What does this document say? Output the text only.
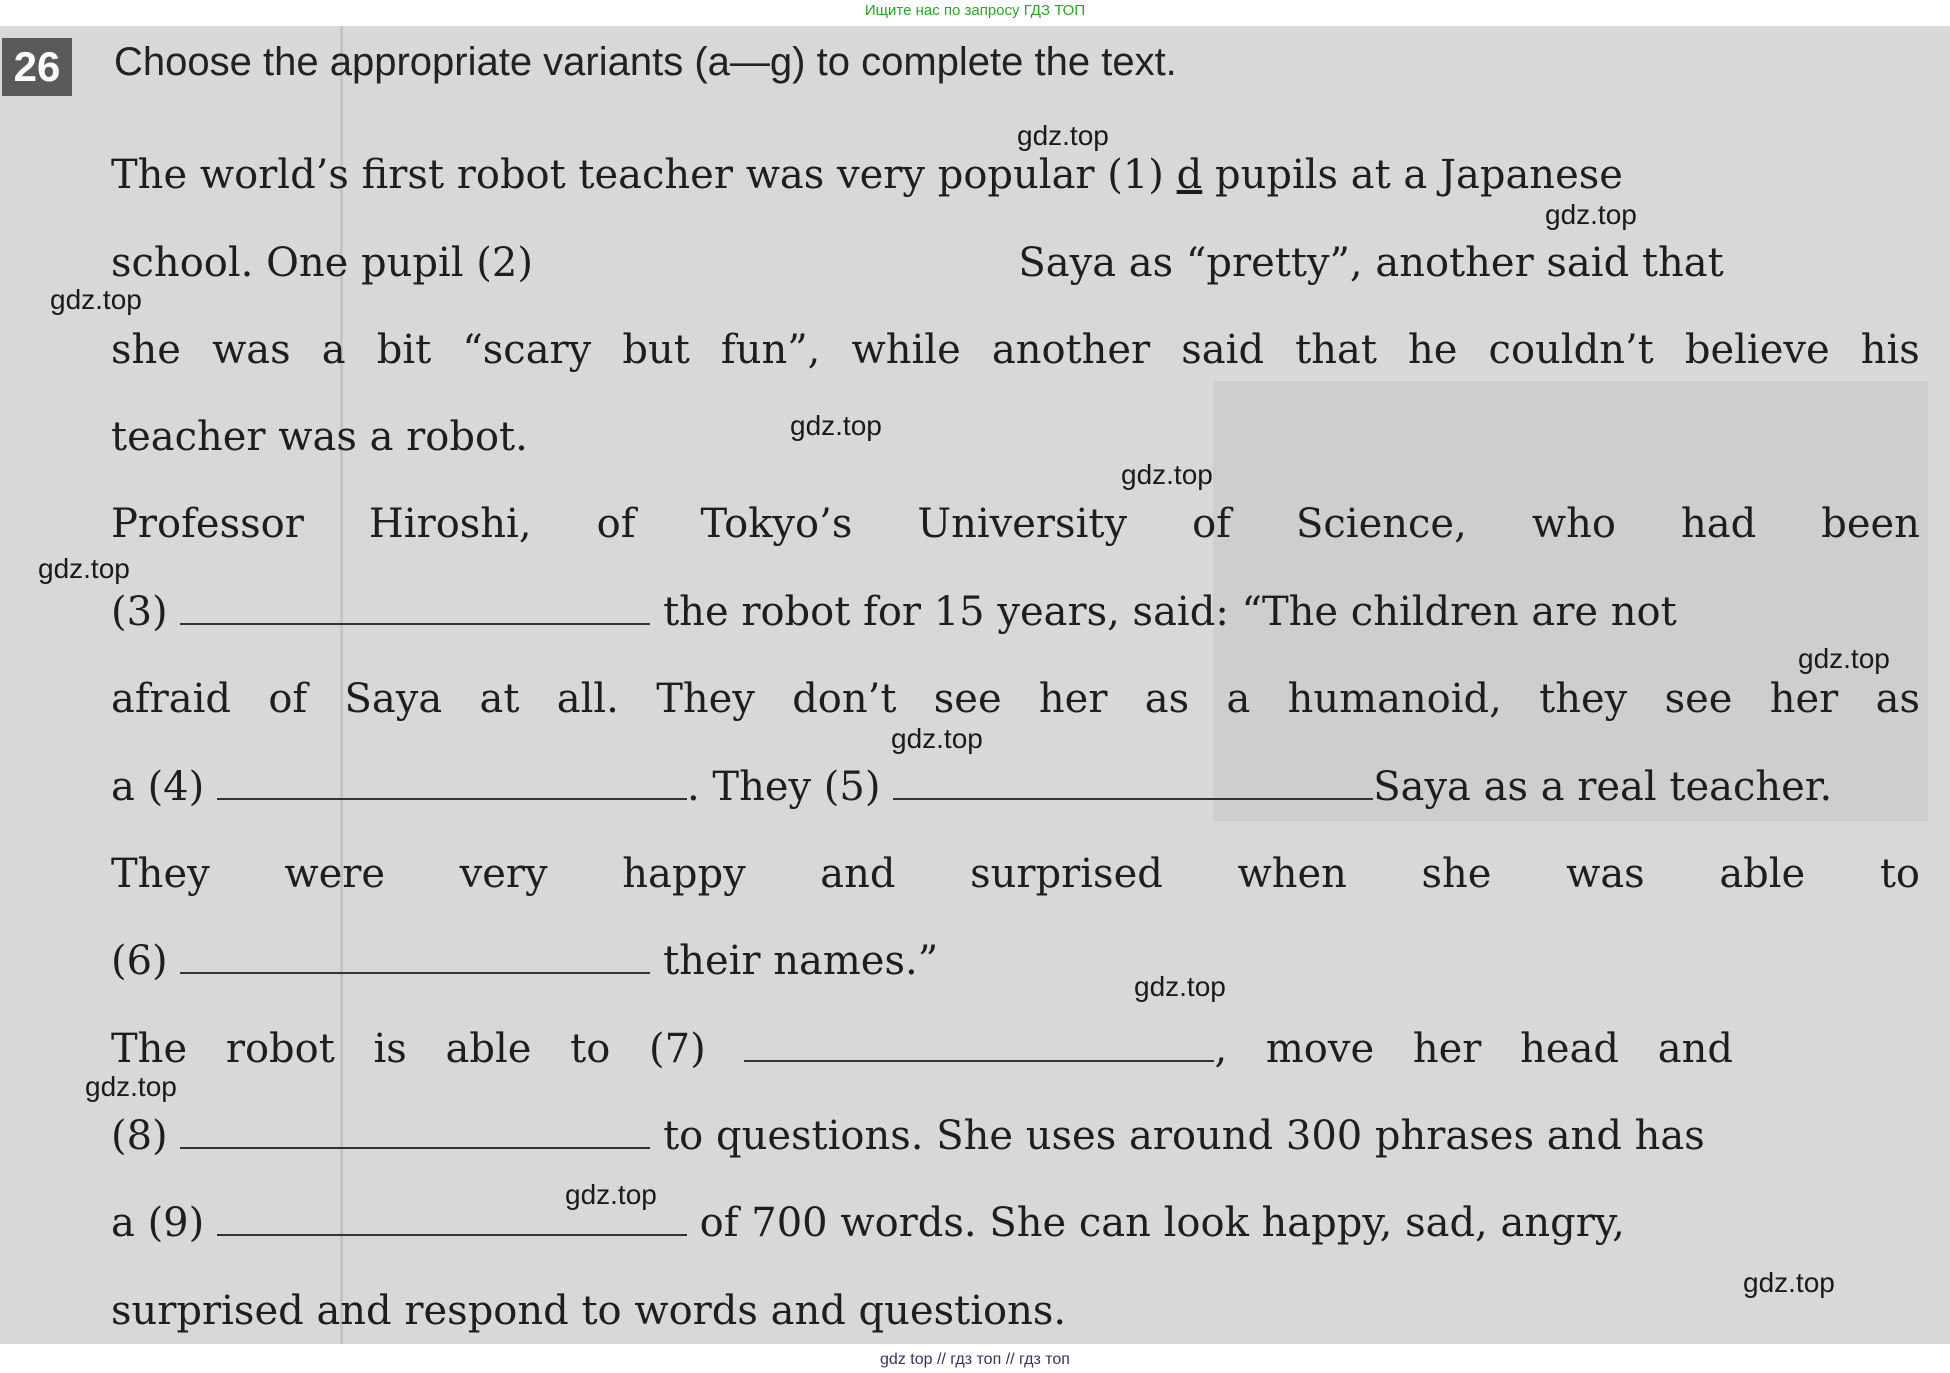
Ищите нас по запросу ГДЗ ТОП
26 Choose the appropriate variants (a—g) to complete the text.
The world’s first robot teacher was very popular (1) d pupils at a Japanese
school. One pupil (2)	Saya as “pretty”, another said that
she was a bit “scary but fun”, while another said that he couldn’t believe his
teacher was a robot.
Professor Hiroshi, of Tokyo’s University of Science, who had been
(3)	the robot for 15 years, said: “The children are not
afraid of Saya at all. They don’t see her as a humanoid, they see her as
a (4)	. They (5)	Saya as a real teacher.
They were very happy and surprised when she was able to
(6)	their names.”
The robot is able to (7)	, move her head and
(8)	to questions. She uses around 300 phrases and has
a (9)	of 700 words. She can look happy, sad, angry,
surprised and respond to words and questions.
gdz.top
gdz.top
gdz.top
gdz.top
gdz.top
gdz.top
gdz.top
gdz.top
gdz.top
gdz.top
gdz.top
gdz.top
gdz top // гдз топ // гдз топ
